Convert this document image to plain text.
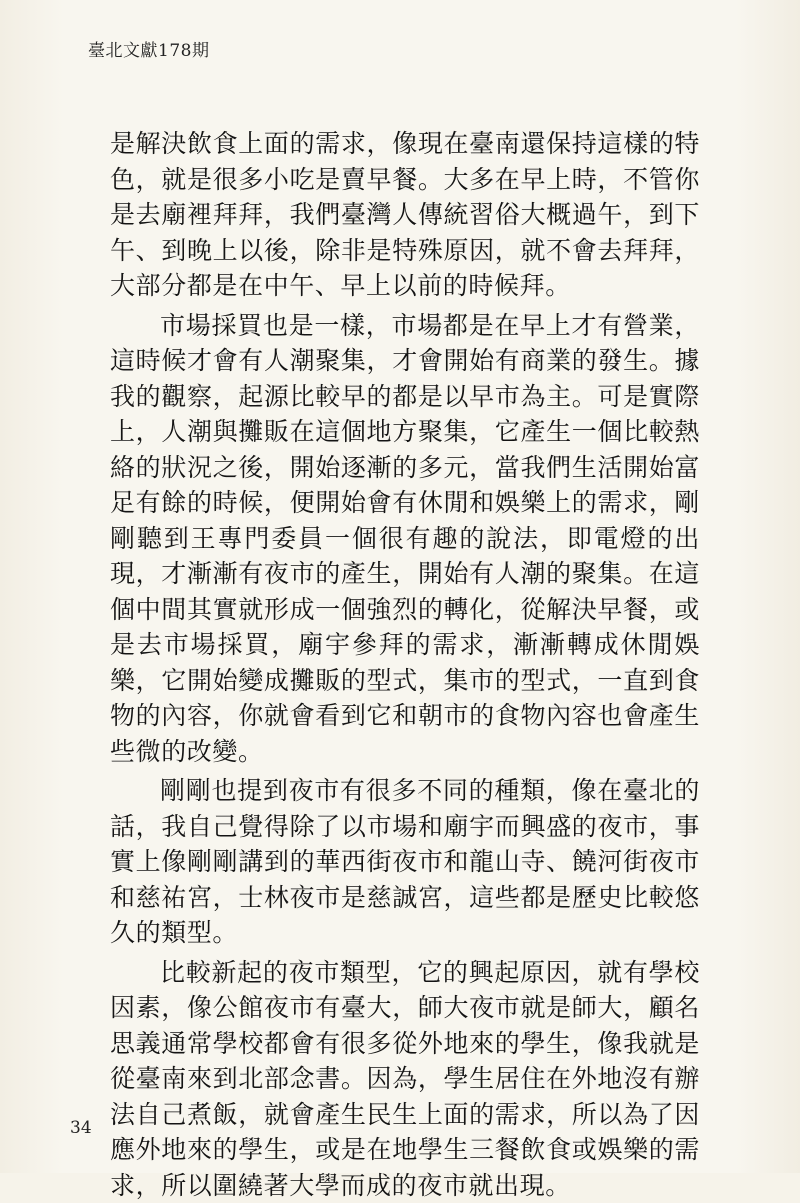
臺北文獻178期

是解決飲食上面的需求，像現在臺南還保持這樣的特色，就是很多小吃是賣早餐。大多在早上時，不管你是去廟裡拜拜，我們臺灣人傳統習俗大概過午，到下午、到晚上以後，除非是特殊原因，就不會去拜拜，大部分都是在中午、早上以前的時候拜。

市場採買也是一樣，市場都是在早上才有營業，這時候才會有人潮聚集，才會開始有商業的發生。據我的觀察，起源比較早的都是以早市為主。可是實際上，人潮與攤販在這個地方聚集，它產生一個比較熱絡的狀況之後，開始逐漸的多元，當我們生活開始富足有餘的時候，便開始會有休閒和娛樂上的需求，剛剛聽到王專門委員一個很有趣的說法，即電燈的出現，才漸漸有夜市的產生，開始有人潮的聚集。在這個中間其實就形成一個強烈的轉化，從解決早餐，或是去市場採買，廟宇參拜的需求，漸漸轉成休閒娛樂，它開始變成攤販的型式，集市的型式，一直到食物的內容，你就會看到它和朝市的食物內容也會產生些微的改變。

剛剛也提到夜市有很多不同的種類，像在臺北的話，我自己覺得除了以市場和廟宇而興盛的夜市，事實上像剛剛講到的華西街夜市和龍山寺、饒河街夜市和慈祐宮，士林夜市是慈誠宮，這些都是歷史比較悠久的類型。

比較新起的夜市類型，它的興起原因，就有學校因素，像公館夜市有臺大，師大夜市就是師大，顧名思義通常學校都會有很多從外地來的學生，像我就是從臺南來到北部念書。因為，學生居住在外地沒有辦法自己煮飯，就會產生民生上面的需求，所以為了因應外地來的學生，或是在地學生三餐飲食或娛樂的需求，所以圍繞著大學而成的夜市就出現。

34
